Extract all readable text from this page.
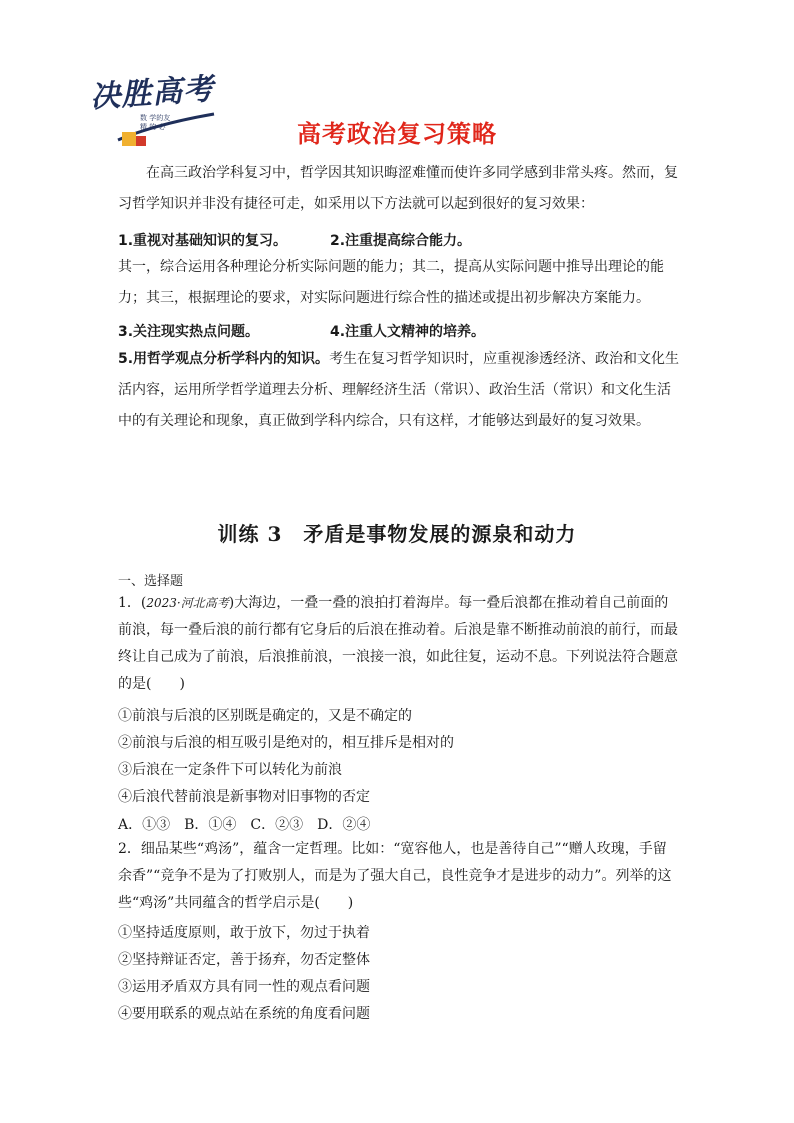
决胜高考
数 学的友
精 的 必	高考政治复习策略
在高三政治学科复习中，哲学因其知识晦涩难懂而使许多同学感到非常头疼。然而，复习哲学知识并非没有捷径可走，如采用以下方法就可以起到很好的复习效果：
1.重视对基础知识的复习。	2.注重提高综合能力。
其一，综合运用各种理论分析实际问题的能力；其二，提高从实际问题中推导出理论的能力；其三，根据理论的要求，对实际问题进行综合性的描述或提出初步解决方案能力。
3.关注现实热点问题。	4.注重人文精神的培养。
5.用哲学观点分析学科内的知识。考生在复习哲学知识时，应重视渗透经济、政治和文化生活内容，运用所学哲学道理去分析、理解经济生活（常识）、政治生活（常识）和文化生活中的有关理论和现象，真正做到学科内综合，只有这样，才能够达到最好的复习效果。
训练 3　矛盾是事物发展的源泉和动力
一、选择题
1．(2023·河北高考)大海边，一叠一叠的浪拍打着海岸。每一叠后浪都在推动着自己前面的前浪，每一叠后浪的前行都有它身后的后浪在推动着。后浪是靠不断推动前浪的前行，而最终让自己成为了前浪，后浪推前浪，一浪接一浪，如此往复，运动不息。下列说法符合题意的是(　　)
①前浪与后浪的区别既是确定的，又是不确定的
②前浪与后浪的相互吸引是绝对的，相互排斥是相对的
③后浪在一定条件下可以转化为前浪
④后浪代替前浪是新事物对旧事物的否定
A．①③　B．①④　C．②③　D．②④
2．细品某些“鸡汤”，蕴含一定哲理。比如：“宽容他人，也是善待自己”“赠人玫瑰，手留余香”“竞争不是为了打败别人，而是为了强大自己，良性竞争才是进步的动力”。列举的这些“鸡汤”共同蕴含的哲学启示是(　　)
①坚持适度原则，敢于放下，勿过于执着
②坚持辩证否定，善于扬弃，勿否定整体
③运用矛盾双方具有同一性的观点看问题
④要用联系的观点站在系统的角度看问题
